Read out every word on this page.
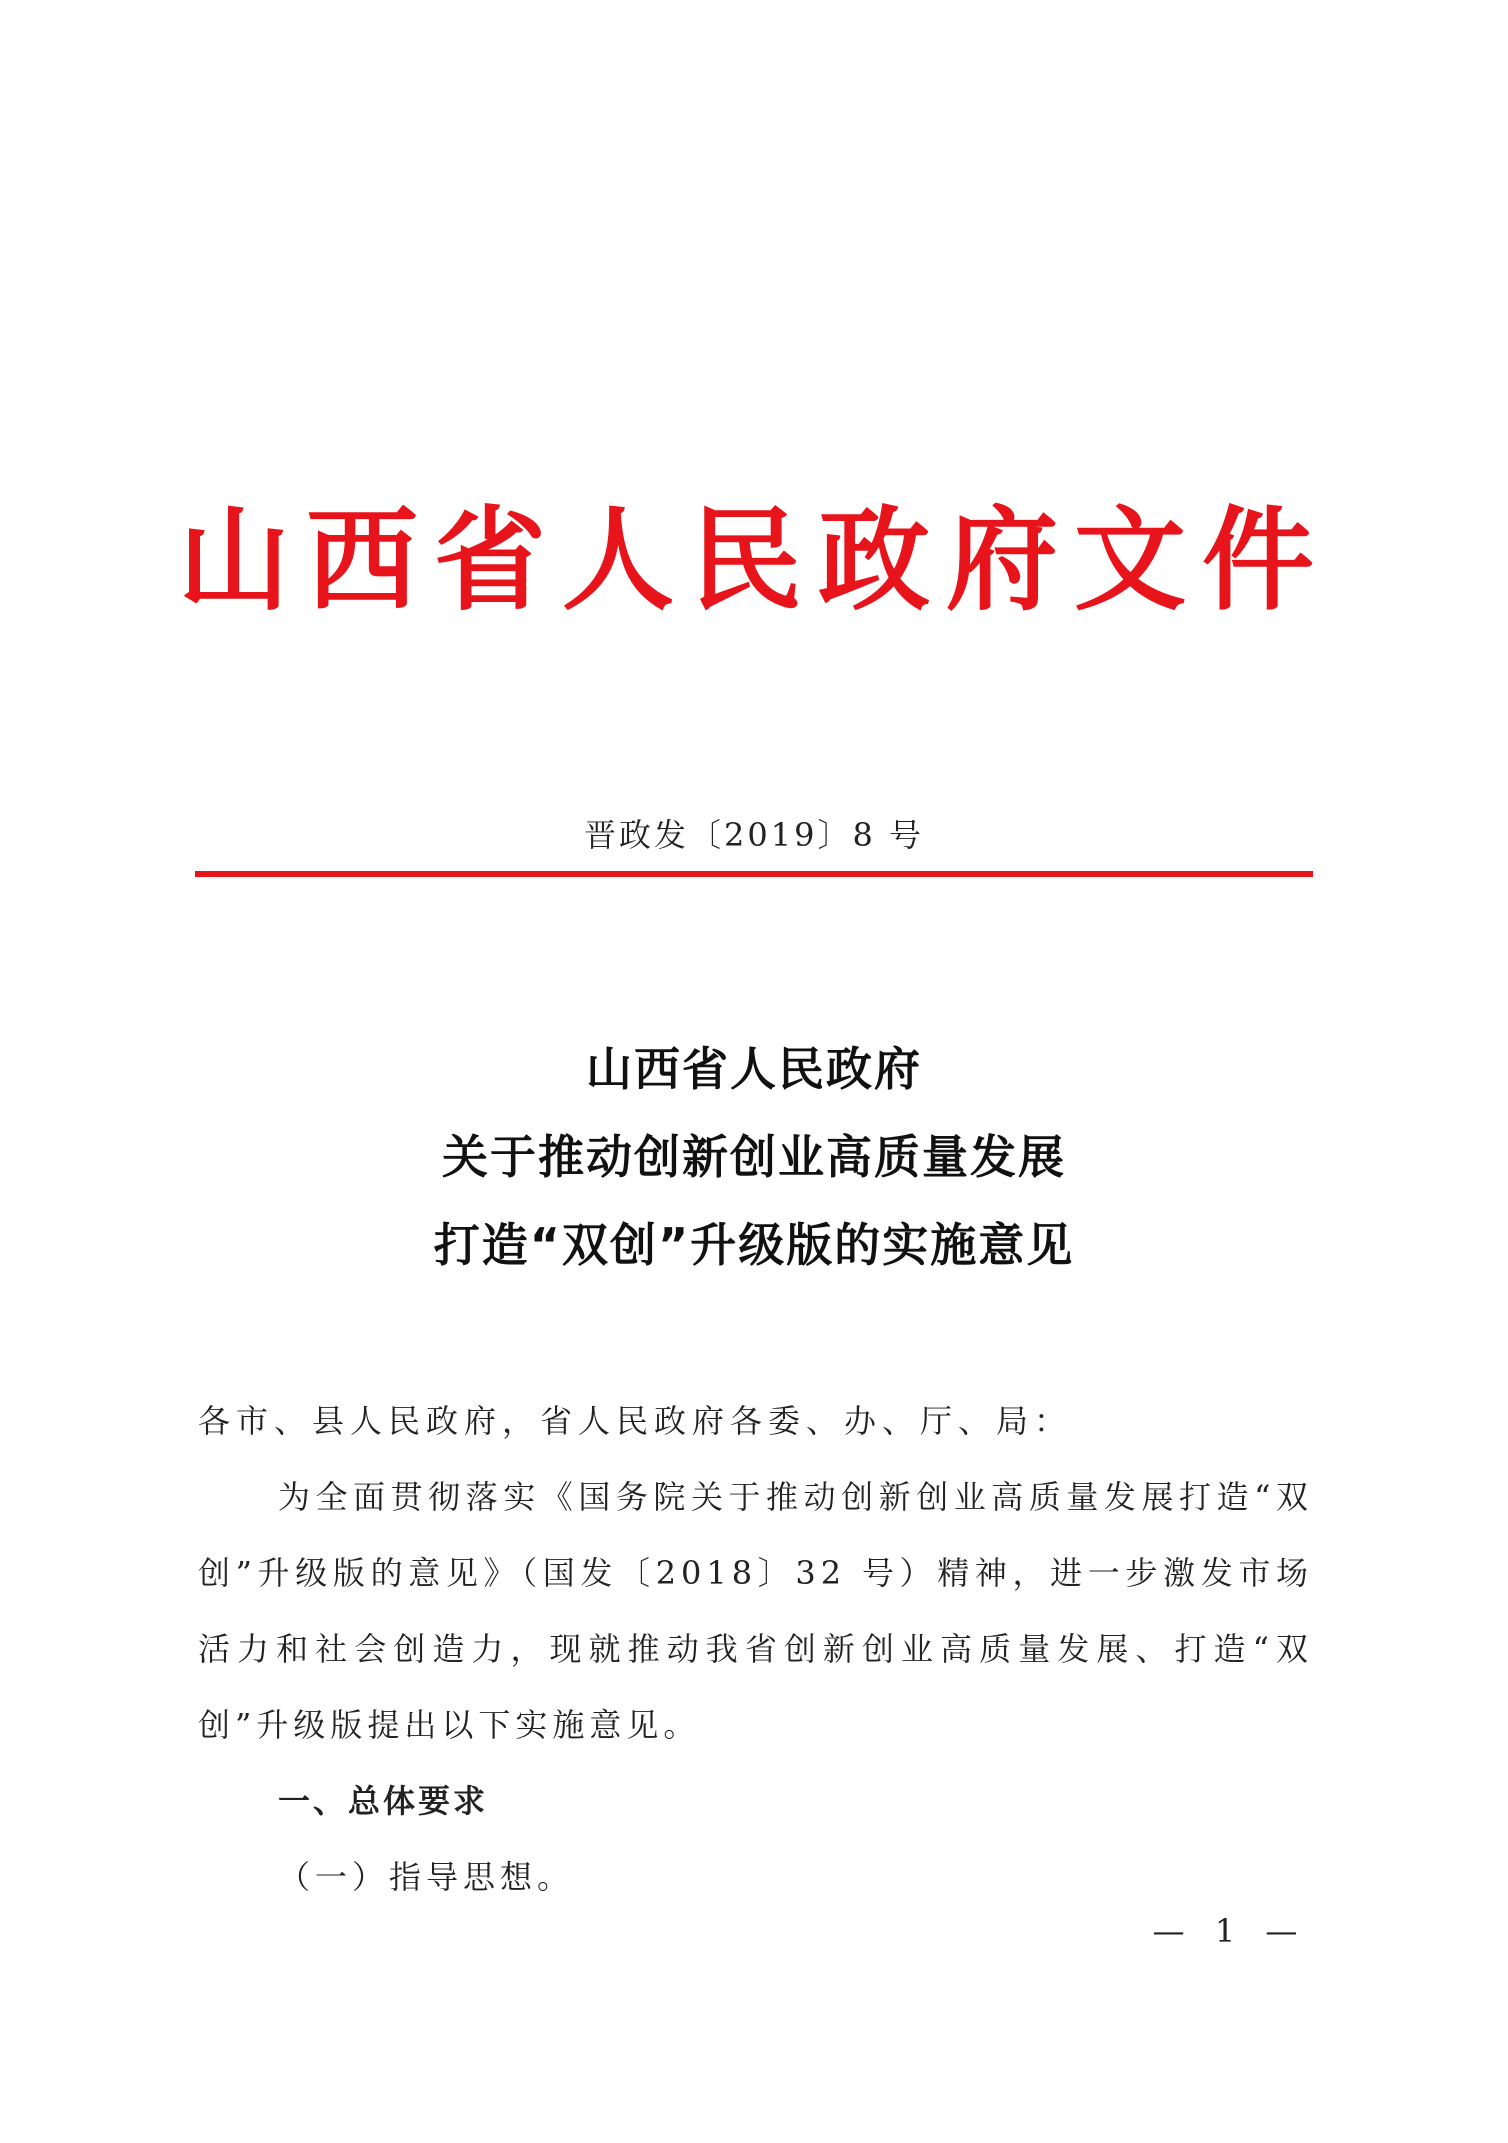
山西省人民政府文件
晋政发〔2019〕8 号
山西省人民政府
关于推动创新创业高质量发展
打造“双创”升级版的实施意见

各市、县人民政府，省人民政府各委、办、厅、局：

为全面贯彻落实《国务院关于推动创新创业高质量发展打造“双创”升级版的意见》（国发〔2018〕32 号）精神，进一步激发市场活力和社会创造力，现就推动我省创新创业高质量发展、打造“双创”升级版提出以下实施意见。

一、总体要求

（一）指导思想。

— 1 —
